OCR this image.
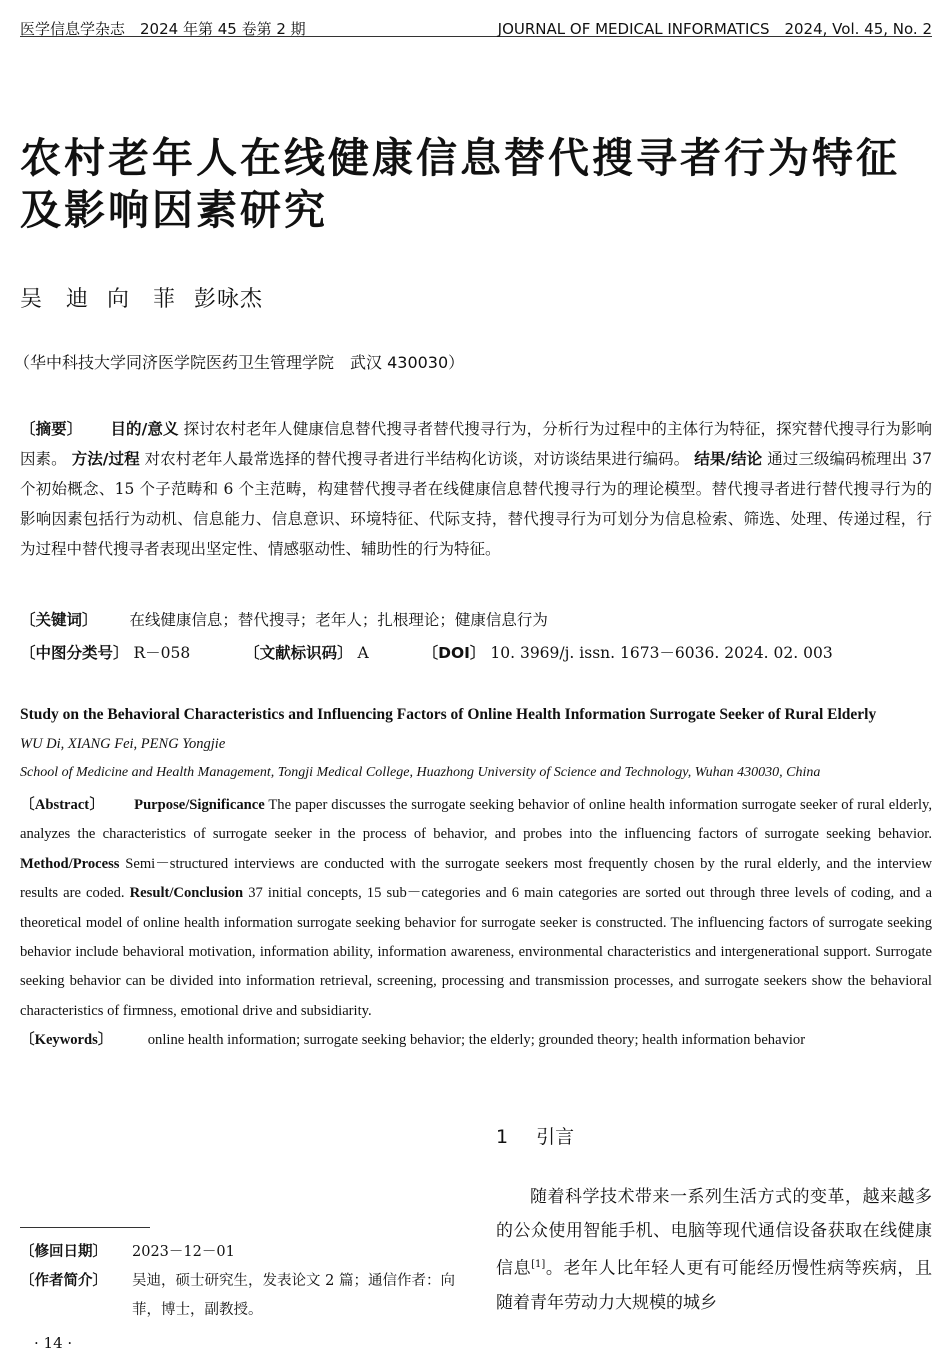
医学信息学杂志　2024 年第 45 卷第 2 期	JOURNAL OF MEDICAL INFORMATICS　2024, Vol. 45, No. 2
农村老年人在线健康信息替代搜寻者行为特征及影响因素研究
吴　迪 向　菲 彭咏杰
（华中科技大学同济医学院医药卫生管理学院　武汉 430030）
〔摘要〕 目的/意义 探讨农村老年人健康信息替代搜寻者替代搜寻行为，分析行为过程中的主体行为特征，探究替代搜寻行为影响因素。 方法/过程 对农村老年人最常选择的替代搜寻者进行半结构化访谈，对访谈结果进行编码。 结果/结论 通过三级编码梳理出 37 个初始概念、15 个子范畴和 6 个主范畴，构建替代搜寻者在线健康信息替代搜寻行为的理论模型。替代搜寻者进行替代搜寻行为的影响因素包括行为动机、信息能力、信息意识、环境特征、代际支持，替代搜寻行为可划分为信息检索、筛选、处理、传递过程，行为过程中替代搜寻者表现出坚定性、情感驱动性、辅助性的行为特征。
〔关键词〕 在线健康信息；替代搜寻；老年人；扎根理论；健康信息行为
〔中图分类号〕 R－058	〔文献标识码〕 A	〔DOI〕 10. 3969/j. issn. 1673－6036. 2024. 02. 003
Study on the Behavioral Characteristics and Influencing Factors of Online Health Information Surrogate Seeker of Rural Elderly
WU Di, XIANG Fei, PENG Yongjie
School of Medicine and Health Management, Tongji Medical College, Huazhong University of Science and Technology, Wuhan 430030, China
〔Abstract〕 Purpose/Significance The paper discusses the surrogate seeking behavior of online health information surrogate seeker of rural elderly, analyzes the characteristics of surrogate seeker in the process of behavior, and probes into the influencing factors of surrogate seeking behavior. Method/Process Semi－structured interviews are conducted with the surrogate seekers most frequently chosen by the rural elderly, and the interview results are coded. Result/Conclusion 37 initial concepts, 15 sub－categories and 6 main categories are sorted out through three levels of coding, and a theoretical model of online health information surrogate seeking behavior for surrogate seeker is constructed. The influencing factors of surrogate seeking behavior include behavioral motivation, information ability, information awareness, environmental characteristics and intergenerational support. Surrogate seeking behavior can be divided into information retrieval, screening, processing and transmission processes, and surrogate seekers show the behavioral characteristics of firmness, emotional drive and subsidiarity.
〔Keywords〕 online health information; surrogate seeking behavior; the elderly; grounded theory; health information behavior
1 引言
随着科学技术带来一系列生活方式的变革，越来越多的公众使用智能手机、电脑等现代通信设备获取在线健康信息[1]。老年人比年轻人更有可能经历慢性病等疾病，且随着青年劳动力大规模的城乡
〔修回日期〕	2023－12－01
〔作者简介〕	吴迪，硕士研究生，发表论文 2 篇；通信作者：向菲，博士，副教授。
· 14 ·
